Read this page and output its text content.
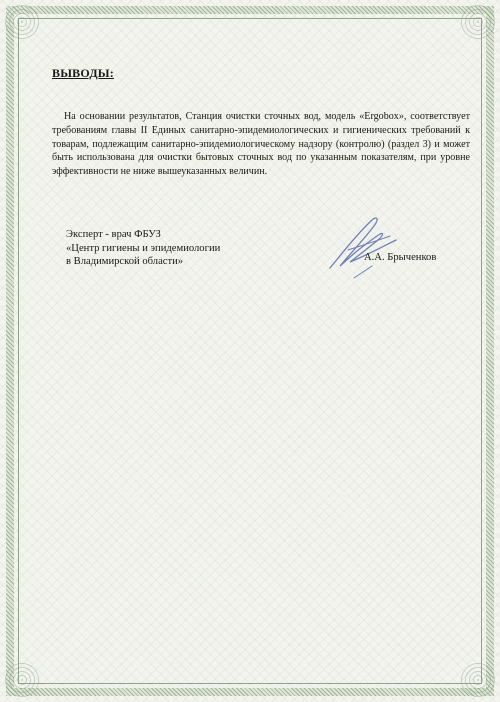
ВЫВОДЫ:
На основании результатов, Станция очистки сточных вод, модель «Ergobox», соответствует требованиям главы II Единых санитарно-эпидемиологических и гигиенических требований к товарам, подлежащим санитарно-эпидемиологическому надзору (контролю) (раздел 3) и может быть использована для очистки бытовых сточных вод по указанным показателям, при уровне эффективности не ниже вышеуказанных величин.
Эксперт - врач ФБУЗ
«Центр гигиены и эпидемиологии
в Владимирской области»	А.А. Брыченков
